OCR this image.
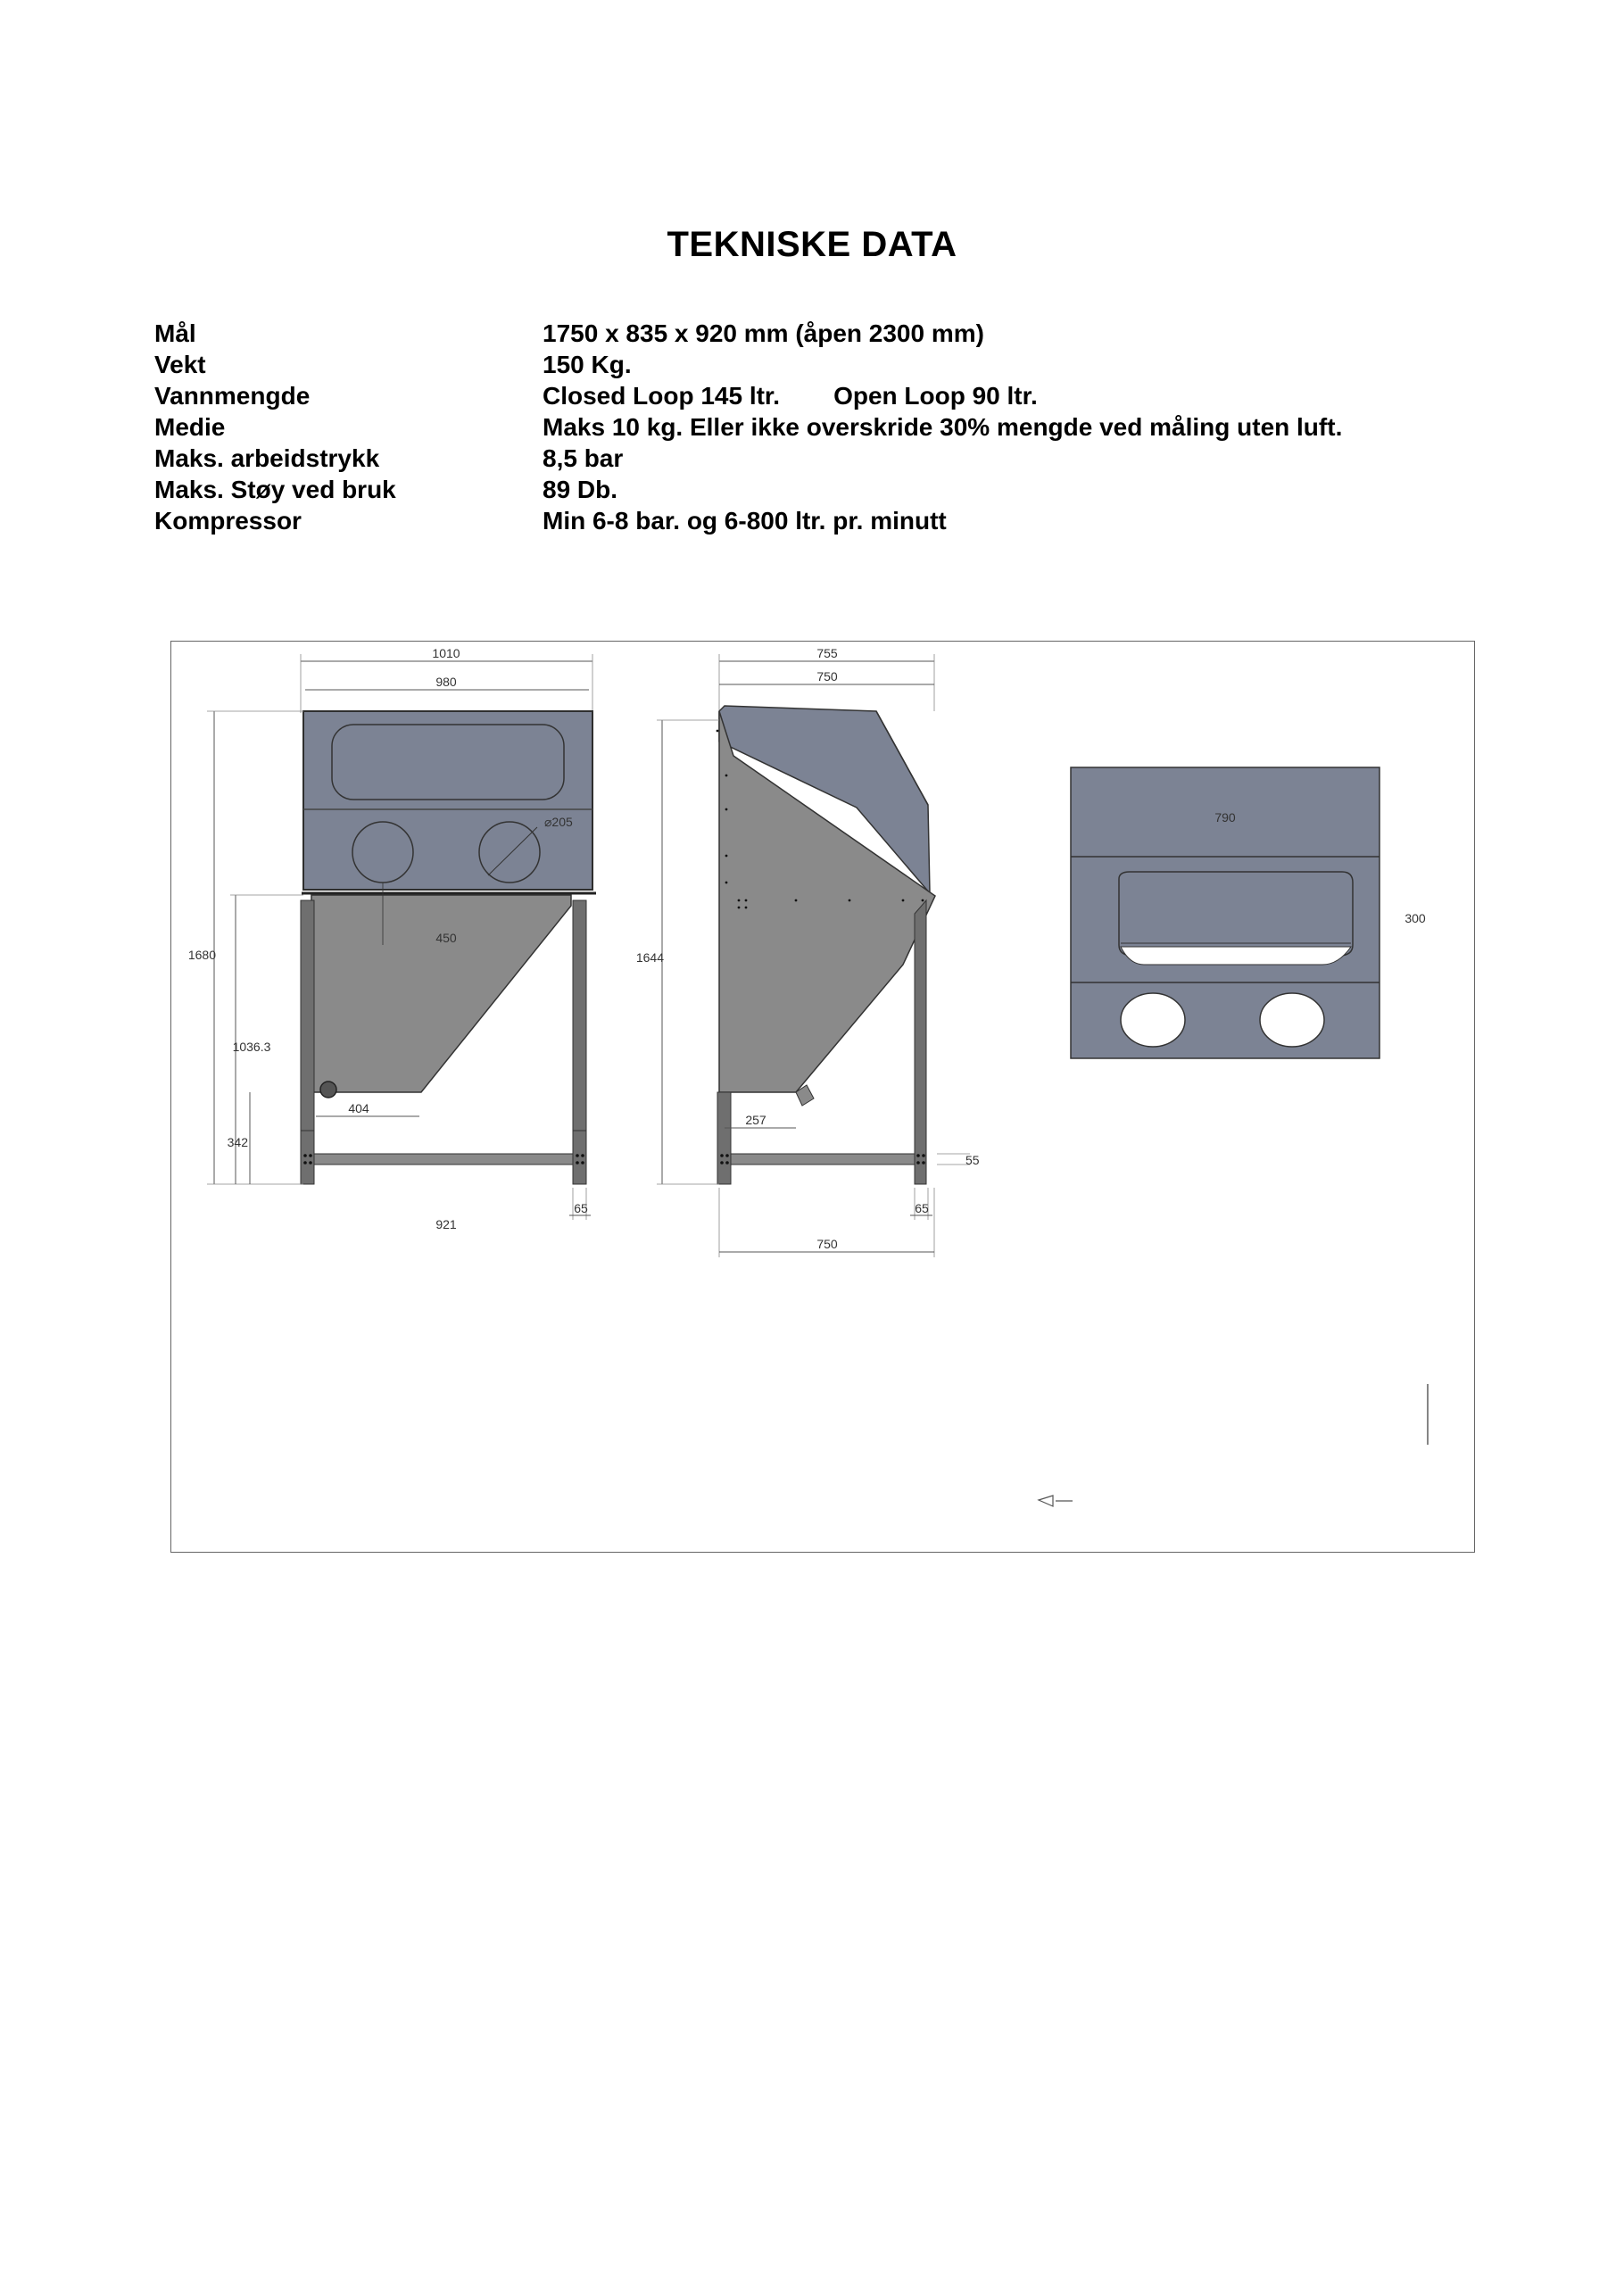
TEKNISKE DATA
Mål	1750 x 835 x 920 mm (åpen 2300 mm)
Vekt	150 Kg.
Vannmengde	Closed Loop 145 ltr. Open Loop 90 ltr.
Medie	Maks 10 kg. Eller ikke overskride 30% mengde ved måling uten luft.
Maks. arbeidstrykk	8,5 bar
Maks. Støy ved bruk	89 Db.
Kompressor	Min 6-8 bar. og 6-800 ltr. pr. minutt
1010
980
⌀205
450
1680
1036.3
342
404
65
921
755
750
1644
257
55
65
750
790
300
